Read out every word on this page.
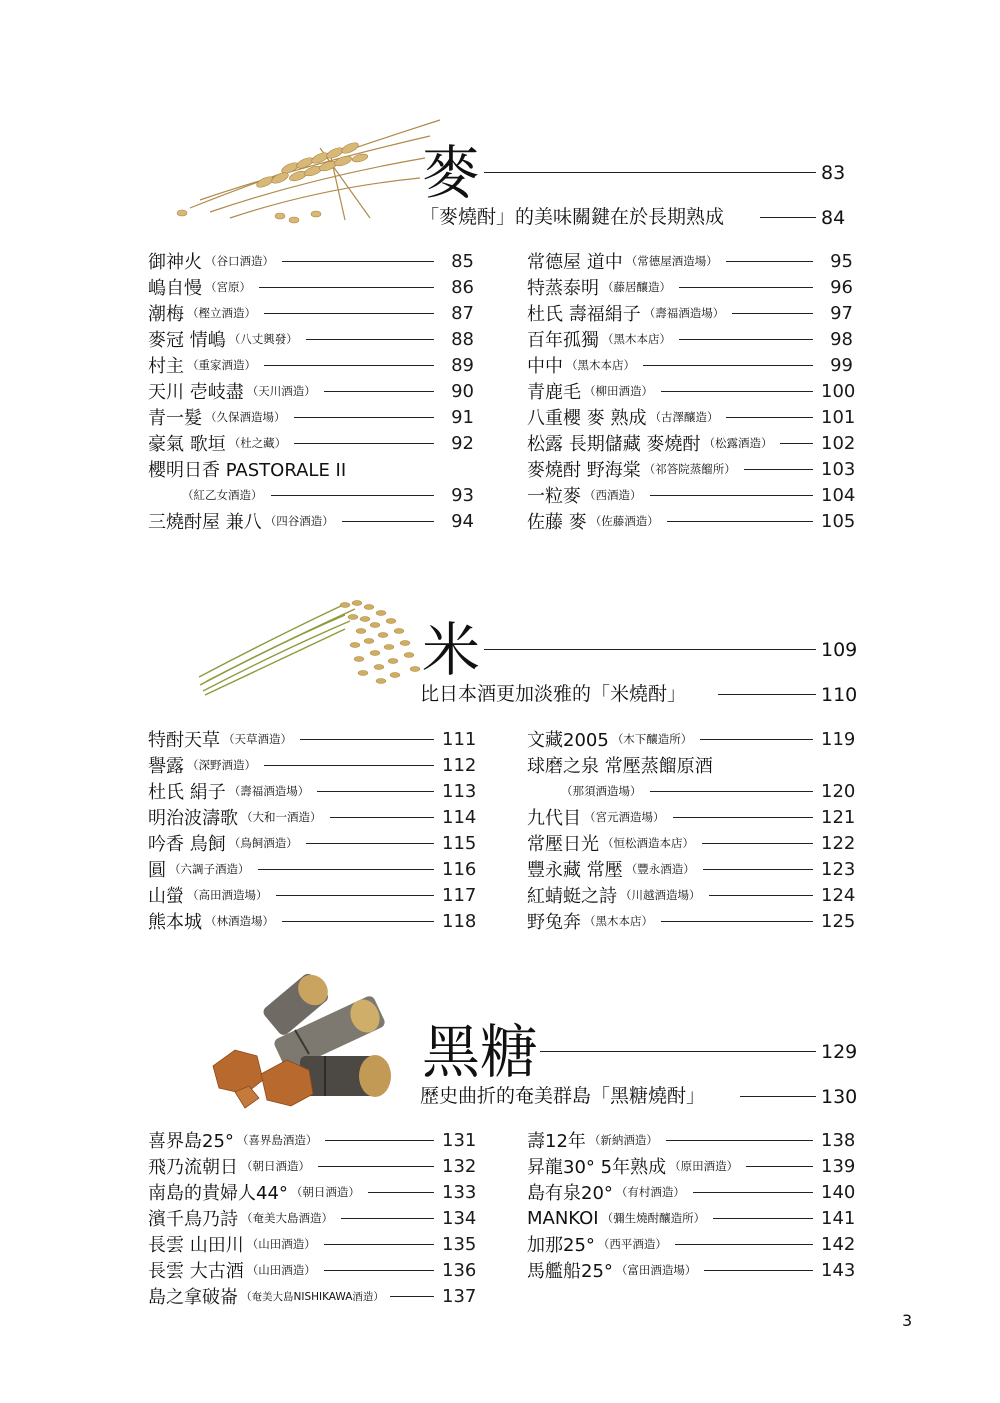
麥	83
「麥燒酎」的美味關鍵在於長期熟成	84
御神火 （谷口酒造）	85
嶋自慢 （宮原）	86
潮梅 （樫立酒造）	87
麥冠 情嶋 （八丈興發）	88
村主 （重家酒造）	89
天川 壱岐盡 （天川酒造）	90
青一髮 （久保酒造場）	91
豪氣 歌垣 （杜之藏）	92
櫻明日香 PASTORALE II
（紅乙女酒造）	93
三燒酎屋 兼八 （四谷酒造）	94
常德屋 道中 （常德屋酒造場）	95
特蒸泰明 （藤居釀造）	96
杜氏 壽福絹子 （壽福酒造場）	97
百年孤獨 （黑木本店）	98
中中 （黑木本店）	99
青鹿毛 （柳田酒造）	100
八重櫻 麥 熟成 （古澤釀造）	101
松露 長期儲藏 麥燒酎 （松露酒造）	102
麥燒酎 野海棠 （祁答院蒸餾所）	103
一粒麥 （西酒造）	104
佐藤 麥 （佐藤酒造）	105
米	109
比日本酒更加淡雅的「米燒酎」	110
特酎天草 （天草酒造）	111
譽露 （深野酒造）	112
杜氏 絹子 （壽福酒造場）	113
明治波濤歌 （大和一酒造）	114
吟香 鳥飼 （鳥飼酒造）	115
圓 （六調子酒造）	116
山螢 （高田酒造場）	117
熊本城 （林酒造場）	118
文藏2005 （木下釀造所）	119
球磨之泉 常壓蒸餾原酒
（那須酒造場）	120
九代目 （宮元酒造場）	121
常壓日光 （恒松酒造本店）	122
豐永藏 常壓 （豐永酒造）	123
紅蜻蜓之詩 （川越酒造場）	124
野兔奔 （黑木本店）	125
黑糖	129
歷史曲折的奄美群島「黑糖燒酎」	130
喜界島25° （喜界島酒造）	131
飛乃流朝日 （朝日酒造）	132
南島的貴婦人44° （朝日酒造）	133
濱千鳥乃詩 （奄美大島酒造）	134
長雲 山田川 （山田酒造）	135
長雲 大古酒 （山田酒造）	136
島之拿破崙 （奄美大島NISHIKAWA酒造）	137
壽12年 （新納酒造）	138
昇龍30° 5年熟成 （原田酒造）	139
島有泉20° （有村酒造）	140
MANKOI （彌生燒酎釀造所）	141
加那25° （西平酒造）	142
馬艦船25° （富田酒造場）	143
3
